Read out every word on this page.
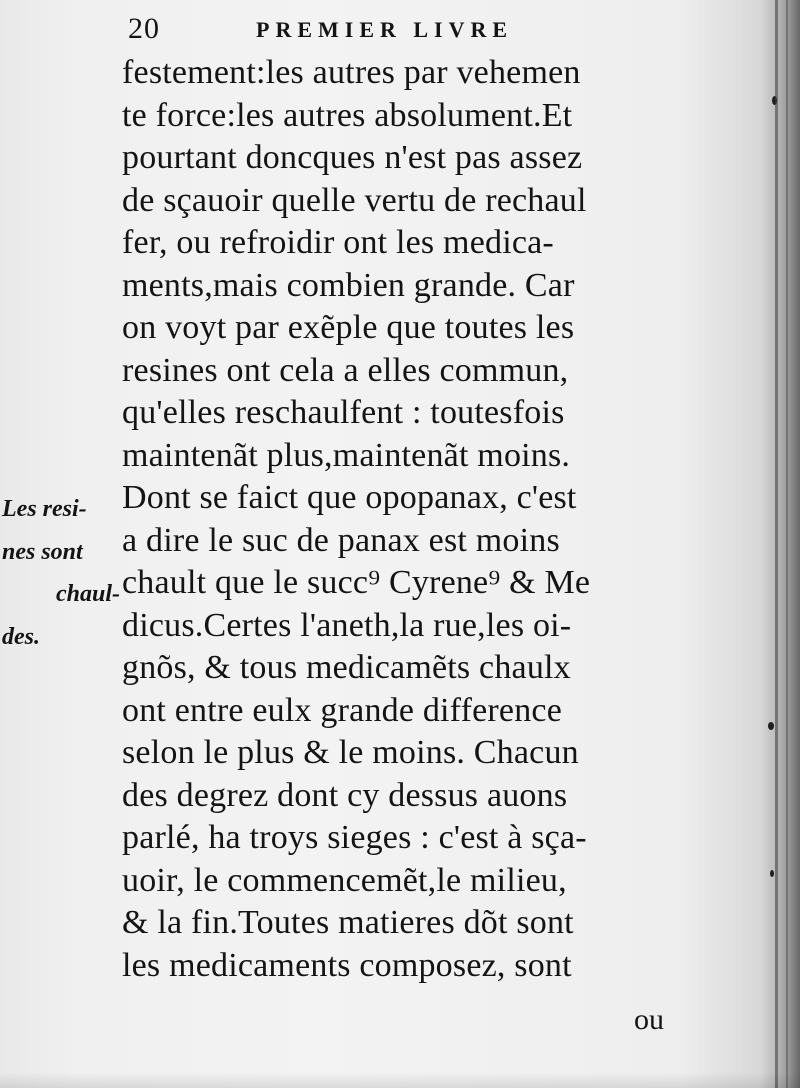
20	PREMIER LIVRE
festement:les autres par vehemen
te force:les autres absolument.Et
pourtant doncques n'est pas assez
de sçauoir quelle vertu de rechaul
fer, ou refroidir ont les medica-
ments,mais combien grande. Car
on voyt par exẽple que toutes les
resines ont cela a elles commun,
qu'elles reschaulfent : toutesfois
maintenãt plus,maintenãt moins.
Dont se faict que opopanax, c'est
a dire le suc de panax est moins
chault que le succ⁹ Cyrene⁹ & Me
dicus.Certes l'aneth,la rue,les oi-
gnõs, & tous medicamẽts chaulx
ont entre eulx grande difference
selon le plus & le moins. Chacun
des degrez dont cy dessus auons
parlé, ha troys sieges : c'est à sça-
uoir, le commencemẽt,le milieu,
& la fin.Toutes matieres dõt sont
les medicaments composez, sont
Les resi-
nes sont
chaul-
des.
ou
